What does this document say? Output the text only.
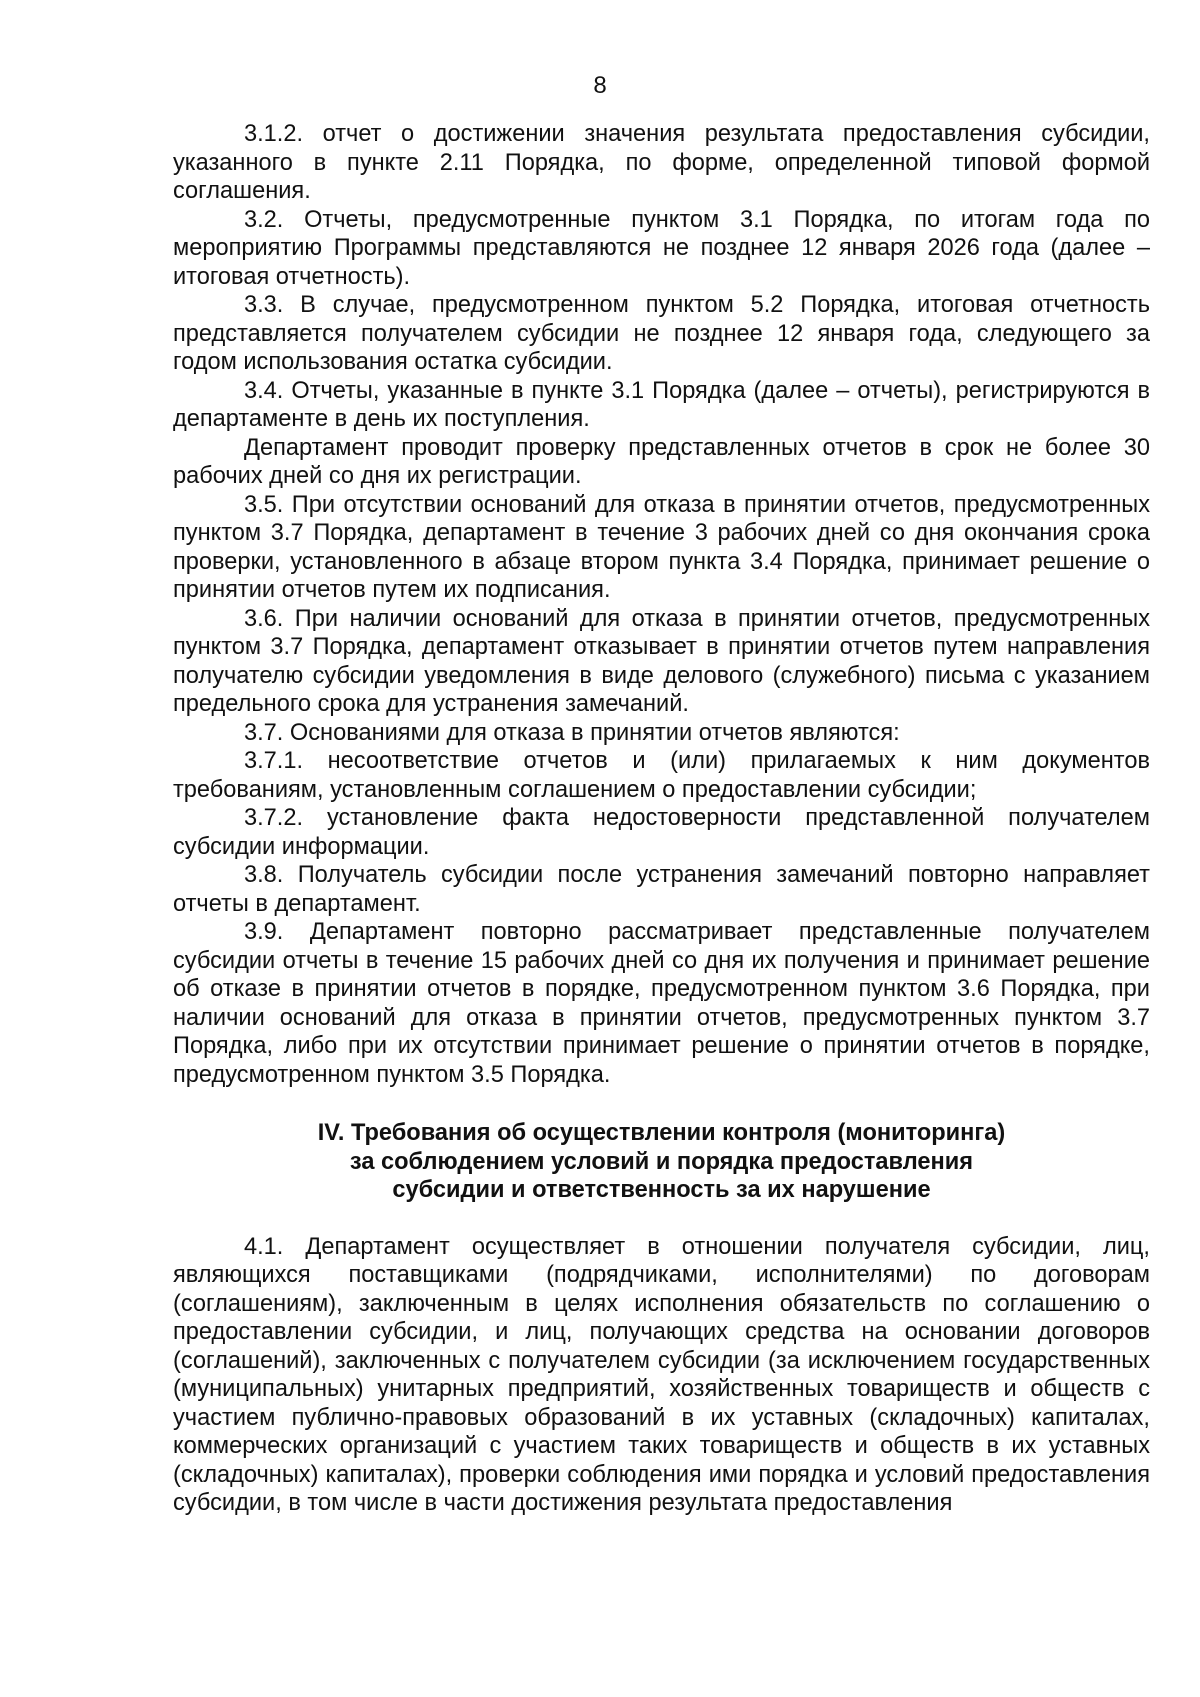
8

3.1.2. отчет о достижении значения результата предоставления субсидии, указанного в пункте 2.11 Порядка, по форме, определенной типовой формой соглашения.

3.2. Отчеты, предусмотренные пунктом 3.1 Порядка, по итогам года по мероприятию Программы представляются не позднее 12 января 2026 года (далее – итоговая отчетность).

3.3. В случае, предусмотренном пунктом 5.2 Порядка, итоговая отчетность представляется получателем субсидии не позднее 12 января года, следующего за годом использования остатка субсидии.

3.4. Отчеты, указанные в пункте 3.1 Порядка (далее – отчеты), регистрируются в департаменте в день их поступления.

Департамент проводит проверку представленных отчетов в срок не более 30 рабочих дней со дня их регистрации.

3.5. При отсутствии оснований для отказа в принятии отчетов, предусмотренных пунктом 3.7 Порядка, департамент в течение 3 рабочих дней со дня окончания срока проверки, установленного в абзаце втором пункта 3.4 Порядка, принимает решение о принятии отчетов путем их подписания.

3.6. При наличии оснований для отказа в принятии отчетов, предусмотренных пунктом 3.7 Порядка, департамент отказывает в принятии отчетов путем направления получателю субсидии уведомления в виде делового (служебного) письма с указанием предельного срока для устранения замечаний.

3.7. Основаниями для отказа в принятии отчетов являются:

3.7.1. несоответствие отчетов и (или) прилагаемых к ним документов требованиям, установленным соглашением о предоставлении субсидии;

3.7.2. установление факта недостоверности представленной получателем субсидии информации.

3.8. Получатель субсидии после устранения замечаний повторно направляет отчеты в департамент.

3.9. Департамент повторно рассматривает представленные получателем субсидии отчеты в течение 15 рабочих дней со дня их получения и принимает решение об отказе в принятии отчетов в порядке, предусмотренном пунктом 3.6 Порядка, при наличии оснований для отказа в принятии отчетов, предусмотренных пунктом 3.7 Порядка, либо при их отсутствии принимает решение о принятии отчетов в порядке, предусмотренном пунктом 3.5 Порядка.

IV. Требования об осуществлении контроля (мониторинга)
за соблюдением условий и порядка предоставления
субсидии и ответственность за их нарушение

4.1. Департамент осуществляет в отношении получателя субсидии, лиц, являющихся поставщиками (подрядчиками, исполнителями) по договорам (соглашениям), заключенным в целях исполнения обязательств по соглашению о предоставлении субсидии, и лиц, получающих средства на основании договоров (соглашений), заключенных с получателем субсидии (за исключением государственных (муниципальных) унитарных предприятий, хозяйственных товариществ и обществ с участием публично-правовых образований в их уставных (складочных) капиталах, коммерческих организаций с участием таких товариществ и обществ в их уставных (складочных) капиталах), проверки соблюдения ими порядка и условий предоставления субсидии, в том числе в части достижения результата предоставления
